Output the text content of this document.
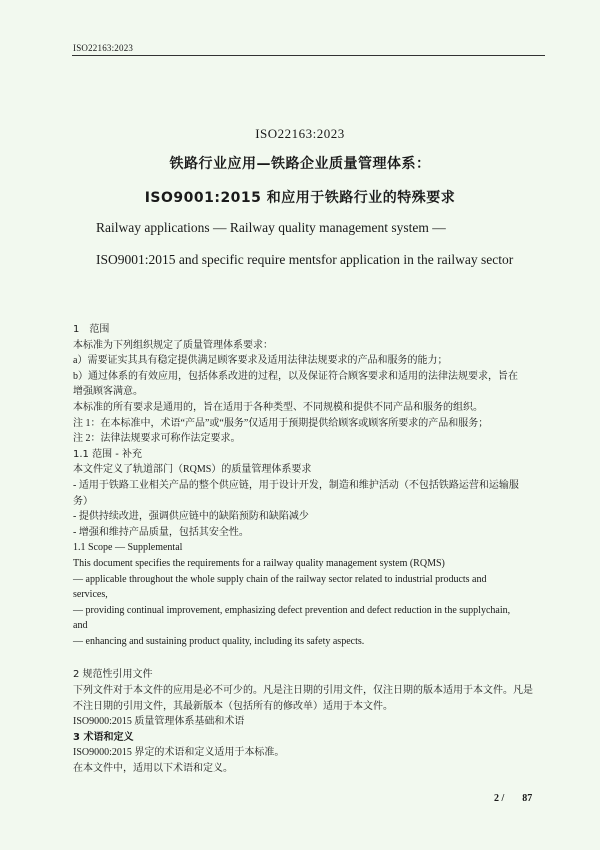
ISO22163:2023
ISO22163:2023
铁路行业应用—铁路企业质量管理体系：
ISO9001:2015 和应用于铁路行业的特殊要求
Railway applications — Railway quality management system —
ISO9001:2015 and specific require mentsfor application in the railway sector
1　范围
本标准为下列组织规定了质量管理体系要求：
a）需要证实其具有稳定提供满足顾客要求及适用法律法规要求的产品和服务的能力；
b）通过体系的有效应用，包括体系改进的过程，以及保证符合顾客要求和适用的法律法规要求，旨在
增强顾客满意。
本标准的所有要求是通用的，旨在适用于各种类型、不同规模和提供不同产品和服务的组织。
注 1：在本标准中，术语“产品”或“服务”仅适用于预期提供给顾客或顾客所要求的产品和服务；
注 2：法律法规要求可称作法定要求。
1.1 范围 - 补充
本文件定义了轨道部门（RQMS）的质量管理体系要求
- 适用于铁路工业相关产品的整个供应链，用于设计开发，制造和维护活动（不包括铁路运营和运输服
务）
- 提供持续改进，强调供应链中的缺陷预防和缺陷减少
- 增强和维持产品质量，包括其安全性。
1.1 Scope — Supplemental
This document specifies the requirements for a railway quality management system (RQMS)
— applicable throughout the whole supply chain of the railway sector related to industrial products and
services,
— providing continual improvement, emphasizing defect prevention and defect reduction in the supplychain,
and
— enhancing and sustaining product quality, including its safety aspects.
2 规范性引用文件
下列文件对于本文件的应用是必不可少的。凡是注日期的引用文件，仅注日期的版本适用于本文件。凡是
不注日期的引用文件，其最新版本（包括所有的修改单）适用于本文件。
ISO9000:2015 质量管理体系基础和术语
3 术语和定义
ISO9000:2015 界定的术语和定义适用于本标准。
在本文件中，适用以下术语和定义。
2 / 87
